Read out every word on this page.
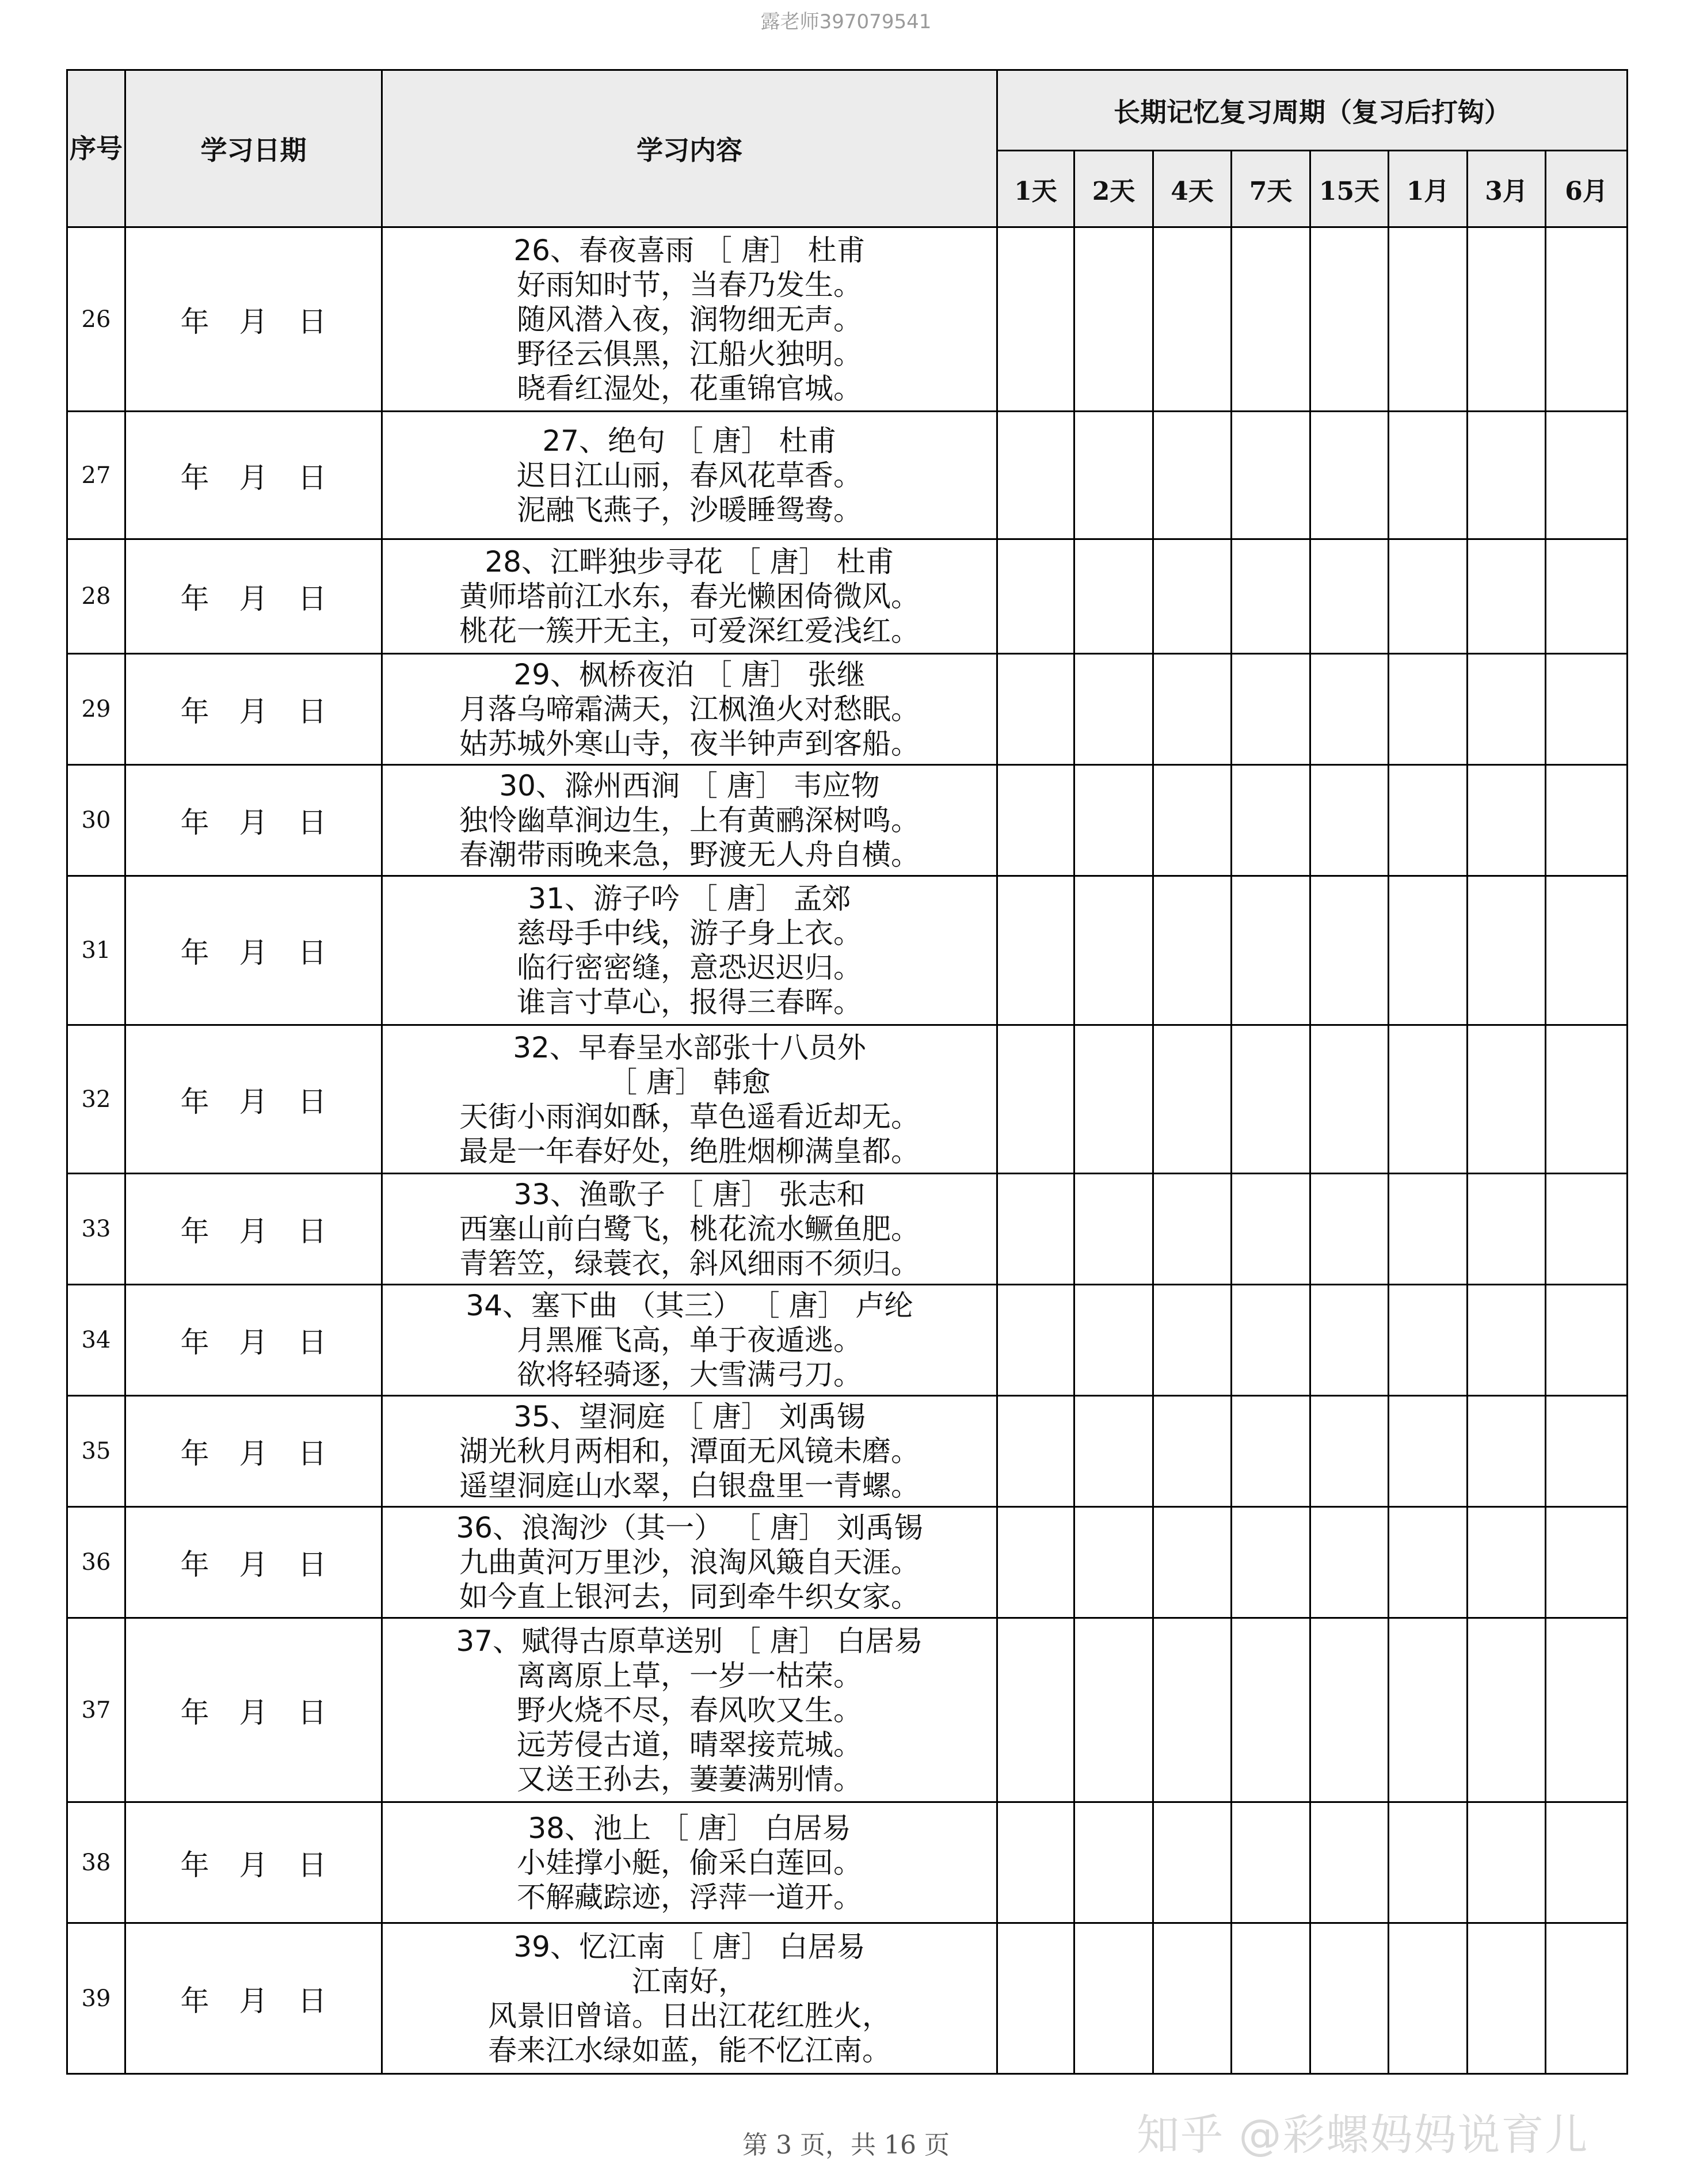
露老师397079541
序号	学习日期	学习内容	长期记忆复习周期（复习后打钩）							
			1天	2天	4天	7天	15天	1月	3月	6月
26	年 月 日	26、春夜喜雨 ［ 唐］ 杜甫
好雨知时节，当春乃发生。
随风潜入夜，润物细无声。
野径云俱黑，江船火独明。
晓看红湿处，花重锦官城。								

27	年 月 日	27、绝句 ［ 唐］ 杜甫
迟日江山丽，春风花草香。
泥融飞燕子，沙暖睡鸳鸯。								

28	年 月 日	28、江畔独步寻花 ［ 唐］ 杜甫
黄师塔前江水东，春光懒困倚微风。
桃花一簇开无主，可爱深红爱浅红。								

29	年 月 日	29、枫桥夜泊 ［ 唐］ 张继
月落乌啼霜满天，江枫渔火对愁眠。
姑苏城外寒山寺，夜半钟声到客船。								

30	年 月 日	30、滁州西涧 ［ 唐］ 韦应物
独怜幽草涧边生，上有黄鹂深树鸣。
春潮带雨晚来急，野渡无人舟自横。								

31	年 月 日	31、游子吟 ［ 唐］ 孟郊
慈母手中线，游子身上衣。
临行密密缝，意恐迟迟归。
谁言寸草心，报得三春晖。								

32	年 月 日	32、早春呈水部张十八员外
［ 唐］ 韩愈
天街小雨润如酥，草色遥看近却无。
最是一年春好处，绝胜烟柳满皇都。								

33	年 月 日	33、渔歌子 ［ 唐］ 张志和
西塞山前白鹭飞，桃花流水鳜鱼肥。
青箬笠，绿蓑衣，斜风细雨不须归。								

34	年 月 日	34、塞下曲 （其三） ［ 唐］ 卢纶
月黑雁飞高，单于夜遁逃。
欲将轻骑逐，大雪满弓刀。								

35	年 月 日	35、望洞庭 ［ 唐］ 刘禹锡
湖光秋月两相和，潭面无风镜未磨。
遥望洞庭山水翠，白银盘里一青螺。								

36	年 月 日	36、浪淘沙（其一） ［ 唐］ 刘禹锡
九曲黄河万里沙，浪淘风簸自天涯。
如今直上银河去，同到牵牛织女家。								

37	年 月 日	37、赋得古原草送别 ［ 唐］ 白居易
离离原上草，一岁一枯荣。
野火烧不尽，春风吹又生。
远芳侵古道，晴翠接荒城。
又送王孙去，萋萋满别情。								

38	年 月 日	38、池上 ［ 唐］ 白居易
小娃撑小艇，偷采白莲回。
不解藏踪迹，浮萍一道开。								

39	年 月 日	39、忆江南 ［ 唐］ 白居易
江南好，
风景旧曾谙。日出江花红胜火，
春来江水绿如蓝，能不忆江南。								

第 3 页，共 16 页	知乎 @彩螺妈妈说育儿
